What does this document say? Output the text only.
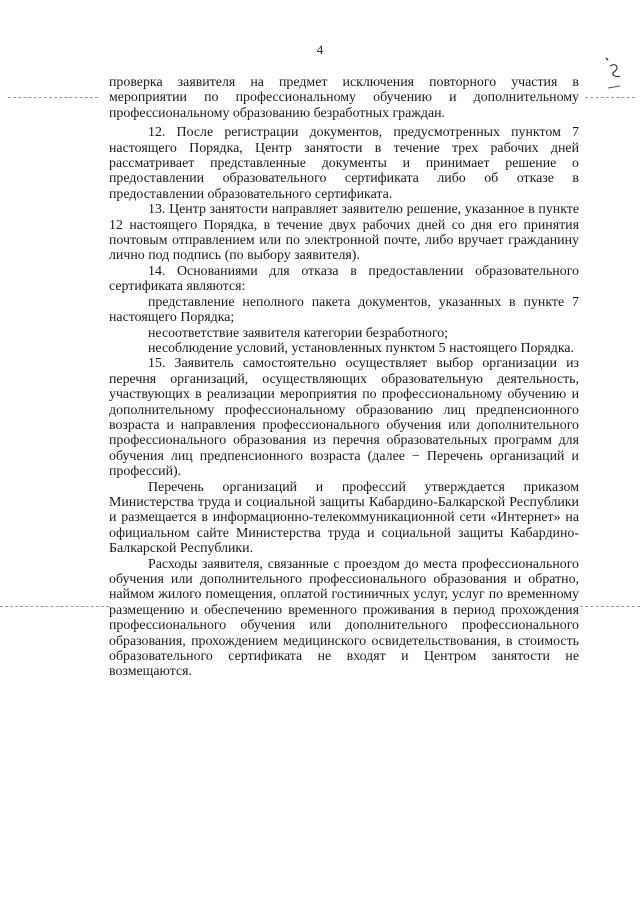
4

проверка заявителя на предмет исключения повторного участия в мероприятии по профессиональному обучению и дополнительному профессиональному образованию безработных граждан.

12. После регистрации документов, предусмотренных пунктом 7 настоящего Порядка, Центр занятости в течение трех рабочих дней рассматривает представленные документы и принимает решение о предоставлении образовательного сертификата либо об отказе в предоставлении образовательного сертификата.

13. Центр занятости направляет заявителю решение, указанное в пункте 12 настоящего Порядка, в течение двух рабочих дней со дня его принятия почтовым отправлением или по электронной почте, либо вручает гражданину лично под подпись (по выбору заявителя).

14. Основаниями для отказа в предоставлении образовательного сертификата являются:

представление неполного пакета документов, указанных в пункте 7 настоящего Порядка;

несоответствие заявителя категории безработного;

несоблюдение условий, установленных пунктом 5 настоящего Порядка.

15. Заявитель самостоятельно осуществляет выбор организации из перечня организаций, осуществляющих образовательную деятельность, участвующих в реализации мероприятия по профессиональному обучению и дополнительному профессиональному образованию лиц предпенсионного возраста и направления профессионального обучения или дополнительного профессионального образования из перечня образовательных программ для обучения лиц предпенсионного возраста (далее − Перечень организаций и профессий).

Перечень организаций и профессий утверждается приказом Министерства труда и социальной защиты Кабардино-Балкарской Республики и размещается в информационно-телекоммуникационной сети «Интернет» на официальном сайте Министерства труда и социальной защиты Кабардино-Балкарской Республики.

Расходы заявителя, связанные с проездом до места профессионального обучения или дополнительного профессионального образования и обратно, наймом жилого помещения, оплатой гостиничных услуг, услуг по временному размещению и обеспечению временного проживания в период прохождения профессионального обучения или дополнительного профессионального образования, прохождением медицинского освидетельствования, в стоимость образовательного сертификата не входят и Центром занятости не возмещаются.
